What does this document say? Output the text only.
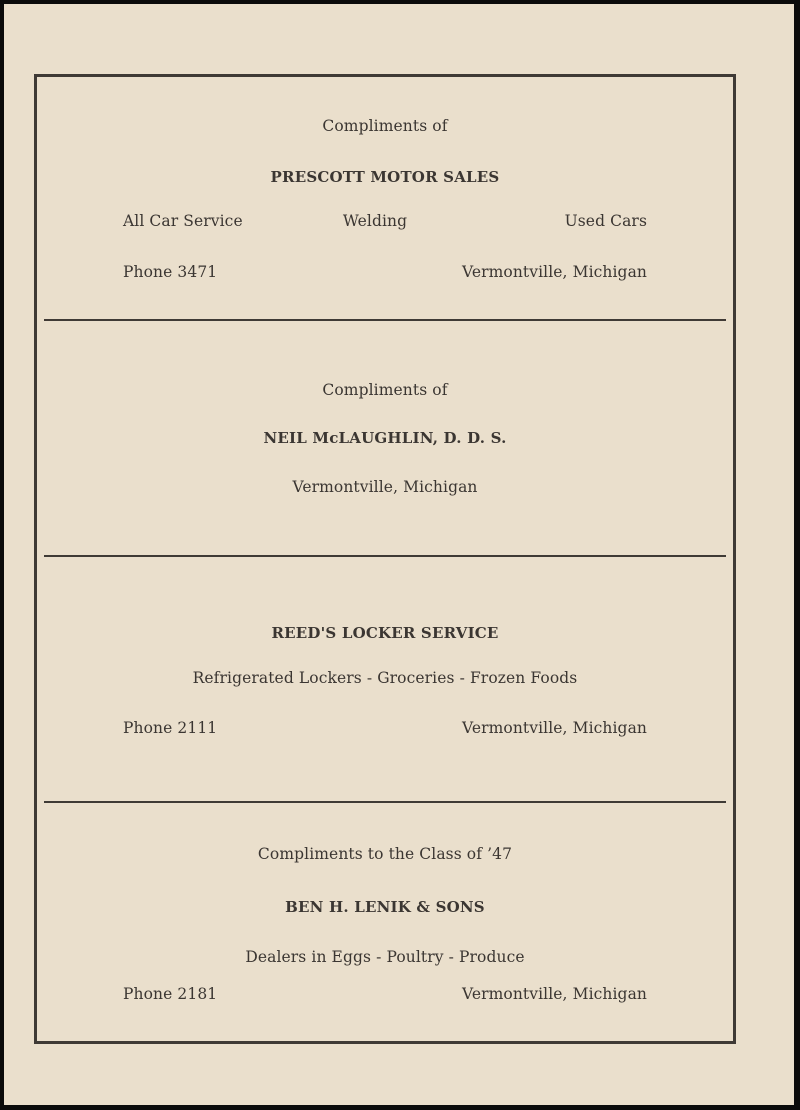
Compliments of
PRESCOTT MOTOR SALES
All Car Service	Welding	Used Cars
Phone 3471	Vermontville, Michigan
Compliments of
NEIL McLAUGHLIN, D. D. S.
Vermontville, Michigan
REED'S LOCKER SERVICE
Refrigerated Lockers - Groceries - Frozen Foods
Phone 2111	Vermontville, Michigan
Compliments to the Class of ’47
BEN H. LENIK & SONS
Dealers in Eggs - Poultry - Produce
Phone 2181	Vermontville, Michigan
